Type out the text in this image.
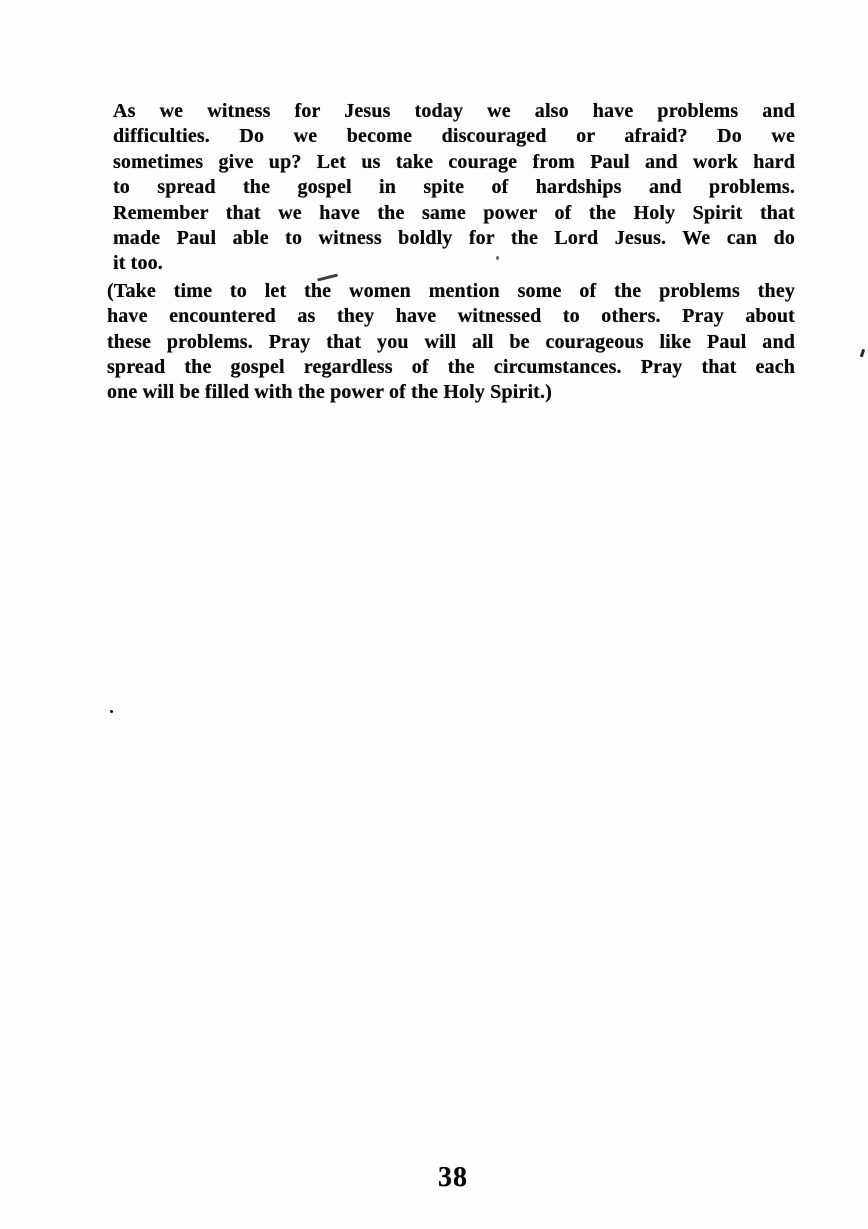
As we witness for Jesus today we also have problems and
difficulties. Do we become discouraged or afraid? Do we
sometimes give up? Let us take courage from Paul and work hard
to spread the gospel in spite of hardships and problems.
Remember that we have the same power of the Holy Spirit that
made Paul able to witness boldly for the Lord Jesus. We can do
it too.
(Take time to let the women mention some of the problems they
have encountered as they have witnessed to others. Pray about
these problems. Pray that you will all be courageous like Paul and
spread the gospel regardless of the circumstances. Pray that each
one will be filled with the power of the Holy Spirit.)
38
